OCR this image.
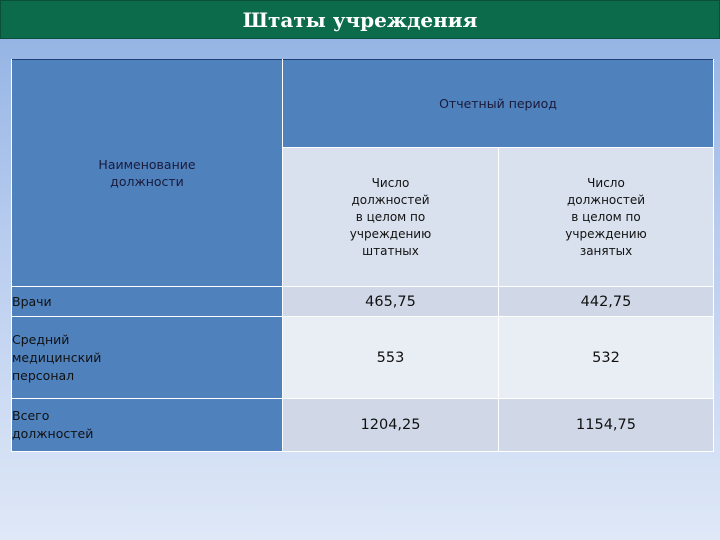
Штаты учреждения
Наименование должности	Отчетный период	
	Число
должностей
в целом по
учреждению
штатных	Число
должностей
в целом по
учреждению
занятых
Врачи	465,75	442,75
Средний
медицинский
персонал	553	532
Всего
должностей	1204,25	1154,75
